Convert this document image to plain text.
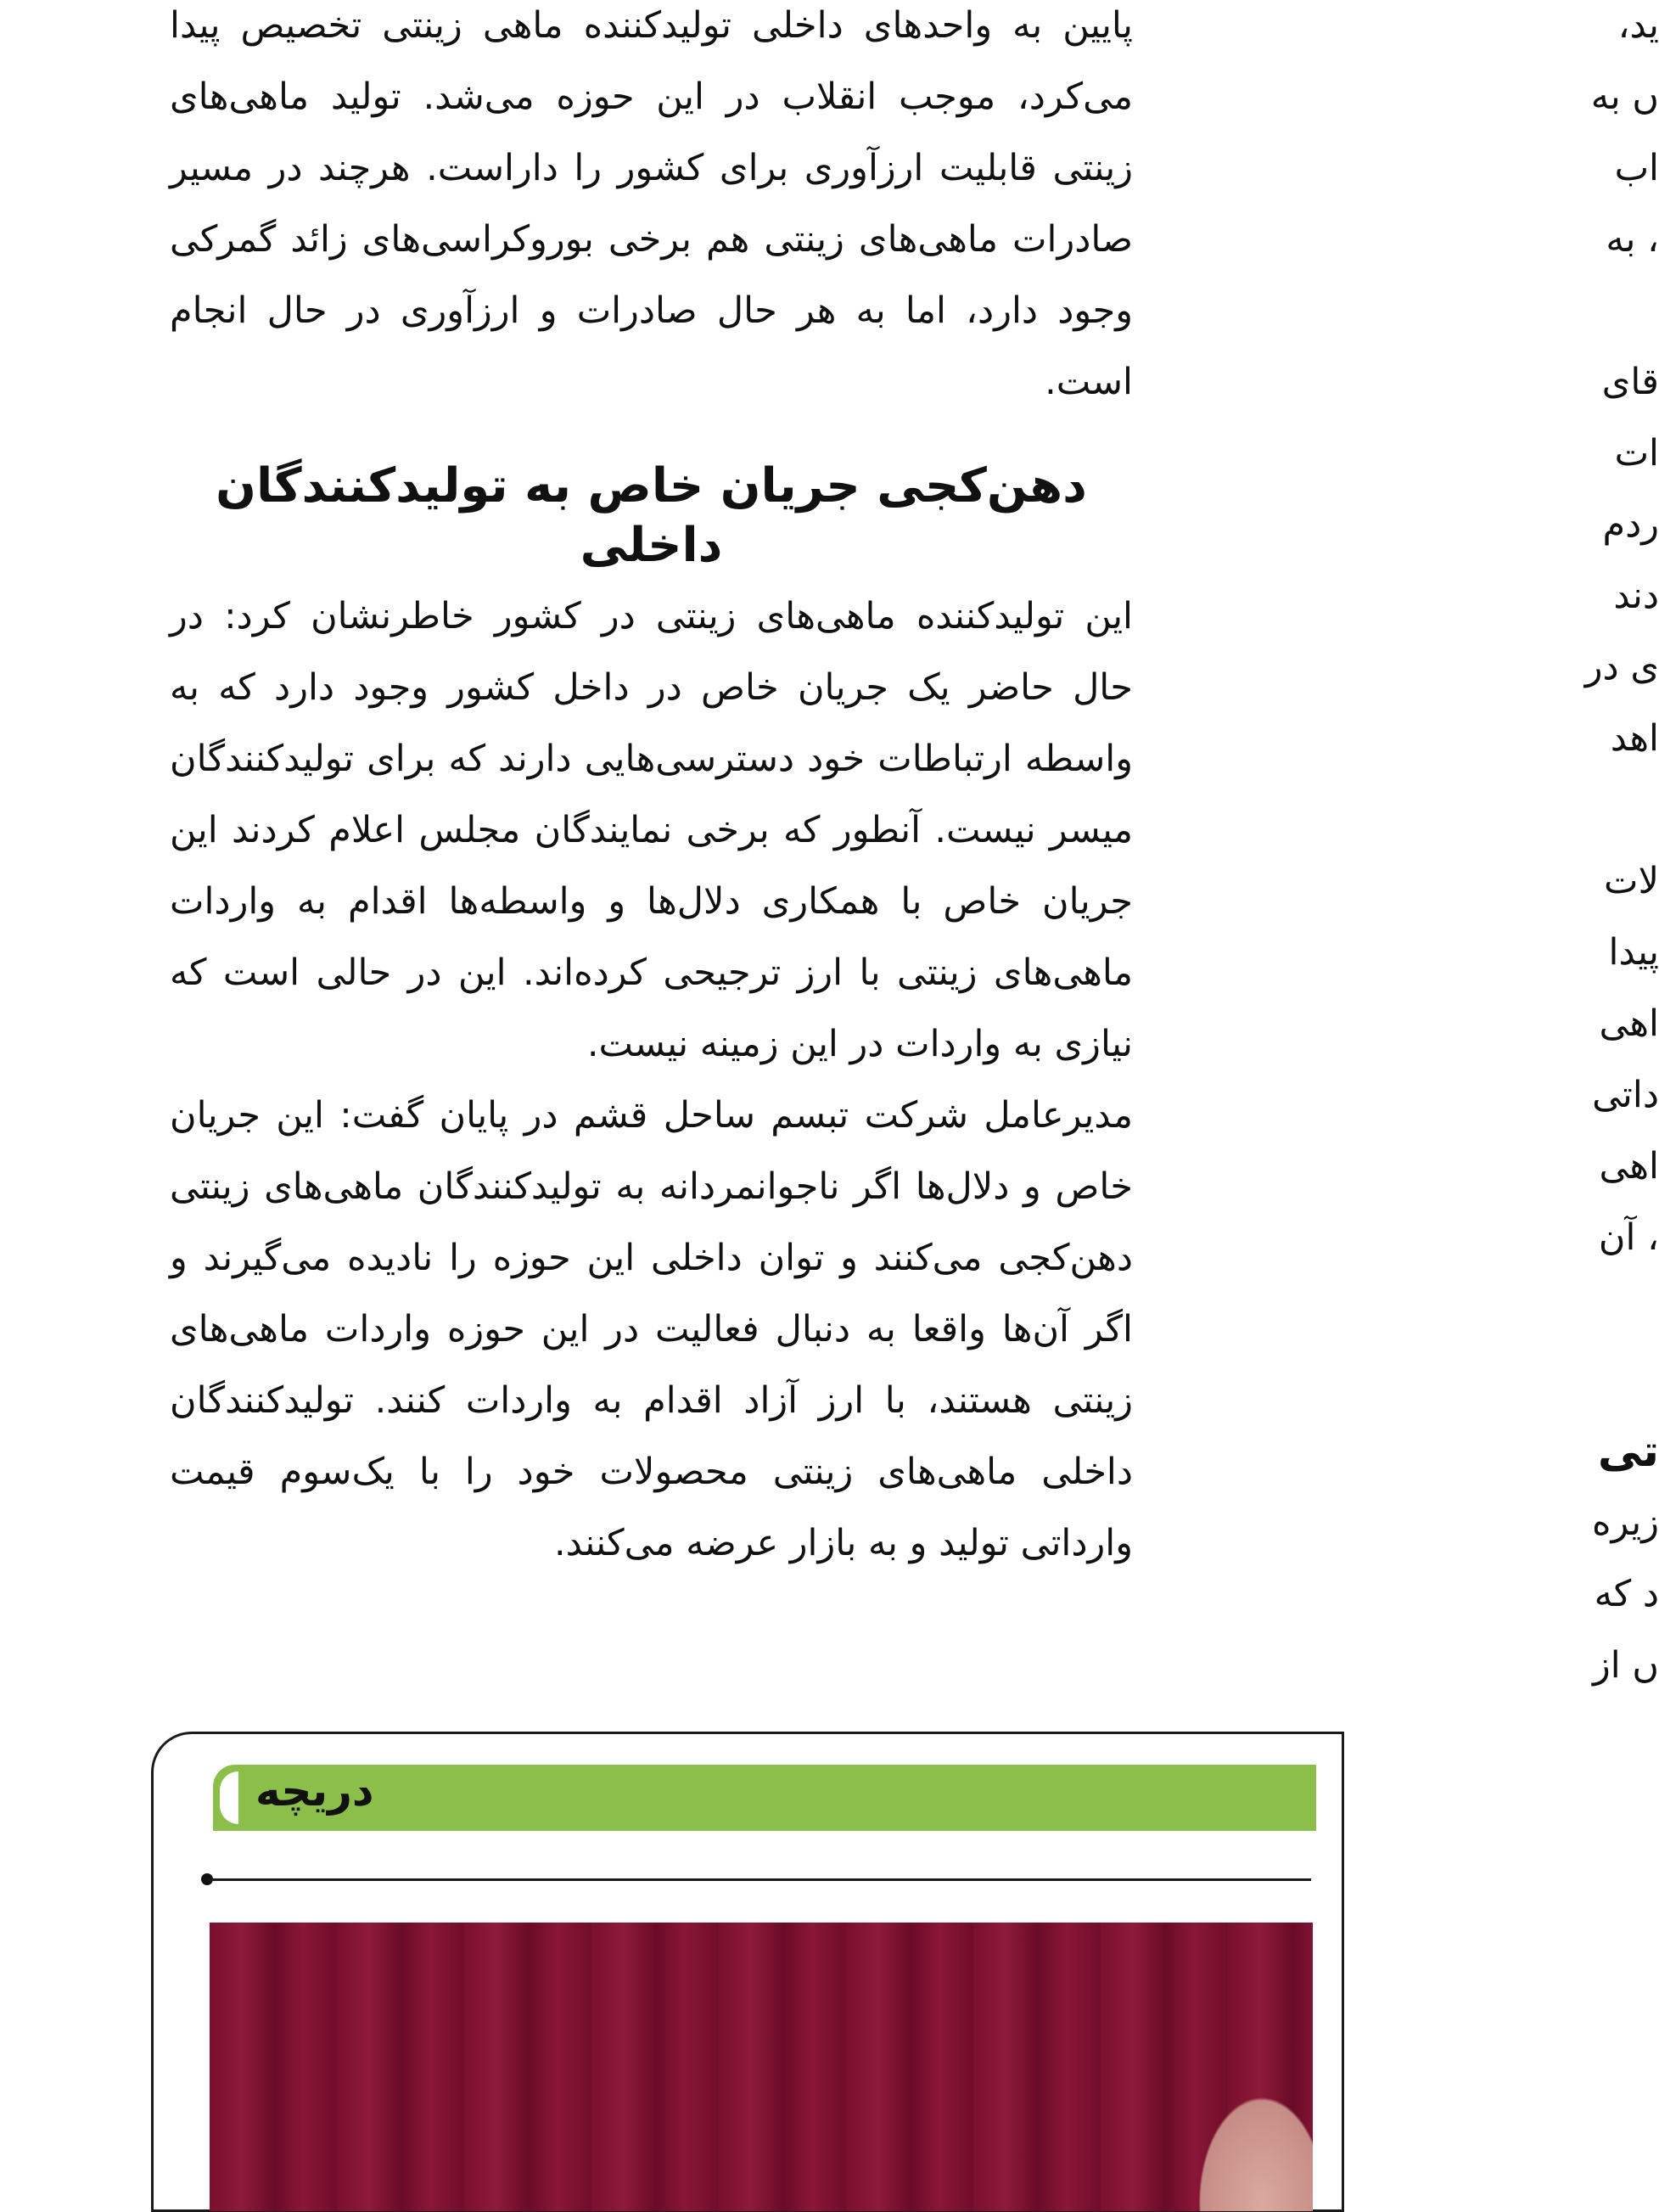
پایین به واحدهای داخلی تولیدکننده ماهی زینتی تخصیص پیدا می‌کرد، موجب انقلاب در این حوزه می‌شد. تولید ماهی‌های زینتی قابلیت ارزآوری برای کشور را داراست. هرچند در مسیر صادرات ماهی‌های زینتی هم برخی بوروکراسی‌های زائد گمرکی وجود دارد، اما به هر حال صادرات و ارزآوری در حال انجام است.

دهن‌کجی جریان خاص به تولیدکنندگان داخلی

این تولیدکننده ماهی‌های زینتی در کشور خاطرنشان کرد: در حال حاضر یک جریان خاص در داخل کشور وجود دارد که به واسطه ارتباطات خود دسترسی‌هایی دارند که برای تولیدکنندگان میسر نیست. آنطور که برخی نمایندگان مجلس اعلام کردند این جریان خاص با همکاری دلال‌ها و واسطه‌ها اقدام به واردات ماهی‌های زینتی با ارز ترجیحی کرده‌اند. این در حالی است که نیازی به واردات در این زمینه نیست.

مدیرعامل شرکت تبسم ساحل قشم در پایان گفت: این جریان خاص و دلال‌ها اگر ناجوانمردانه به تولیدکنندگان ماهی‌های زینتی دهن‌کجی می‌کنند و توان داخلی این حوزه را نادیده می‌گیرند و اگر آن‌ها واقعا به دنبال فعالیت در این حوزه واردات ماهی‌های زینتی هستند، با ارز آزاد اقدام به واردات کنند. تولیدکنندگان داخلی ماهی‌های زینتی محصولات خود را با یک‌سوم قیمت وارداتی تولید و به بازار عرضه می‌کنند.

ید،
ں به
اب
، به
قای
ات
ردم
دند
ی در
اهد
لات
پیدا
اهی
داتی
اهی
، آن
تی
زیره
د که
ں از
دریچه
